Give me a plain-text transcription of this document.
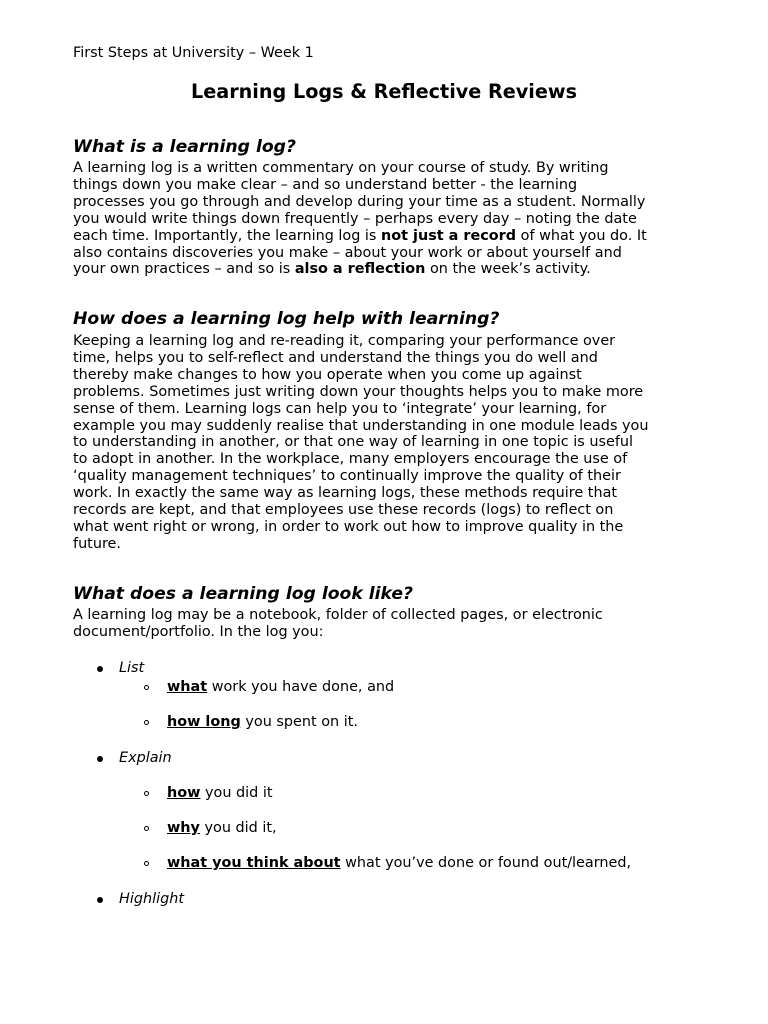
First Steps at University – Week 1
Learning Logs & Reflective Reviews
What is a learning log?
A learning log is a written commentary on your course of study. By writing
things down you make clear – and so understand better - the learning
processes you go through and develop during your time as a student. Normally
you would write things down frequently – perhaps every day – noting the date
each time. Importantly, the learning log is not just a record of what you do. It
also contains discoveries you make – about your work or about yourself and
your own practices – and so is also a reflection on the week’s activity.
How does a learning log help with learning?
Keeping a learning log and re-reading it, comparing your performance over
time, helps you to self-reflect and understand the things you do well and
thereby make changes to how you operate when you come up against
problems. Sometimes just writing down your thoughts helps you to make more
sense of them. Learning logs can help you to ‘integrate’ your learning, for
example you may suddenly realise that understanding in one module leads you
to understanding in another, or that one way of learning in one topic is useful
to adopt in another. In the workplace, many employers encourage the use of
‘quality management techniques’ to continually improve the quality of their
work. In exactly the same way as learning logs, these methods require that
records are kept, and that employees use these records (logs) to reflect on
what went right or wrong, in order to work out how to improve quality in the
future.
What does a learning log look like?
A learning log may be a notebook, folder of collected pages, or electronic
document/portfolio. In the log you:
List
what work you have done, and
how long you spent on it.
Explain
how you did it
why you did it,
what you think about what you’ve done or found out/learned,
Highlight
